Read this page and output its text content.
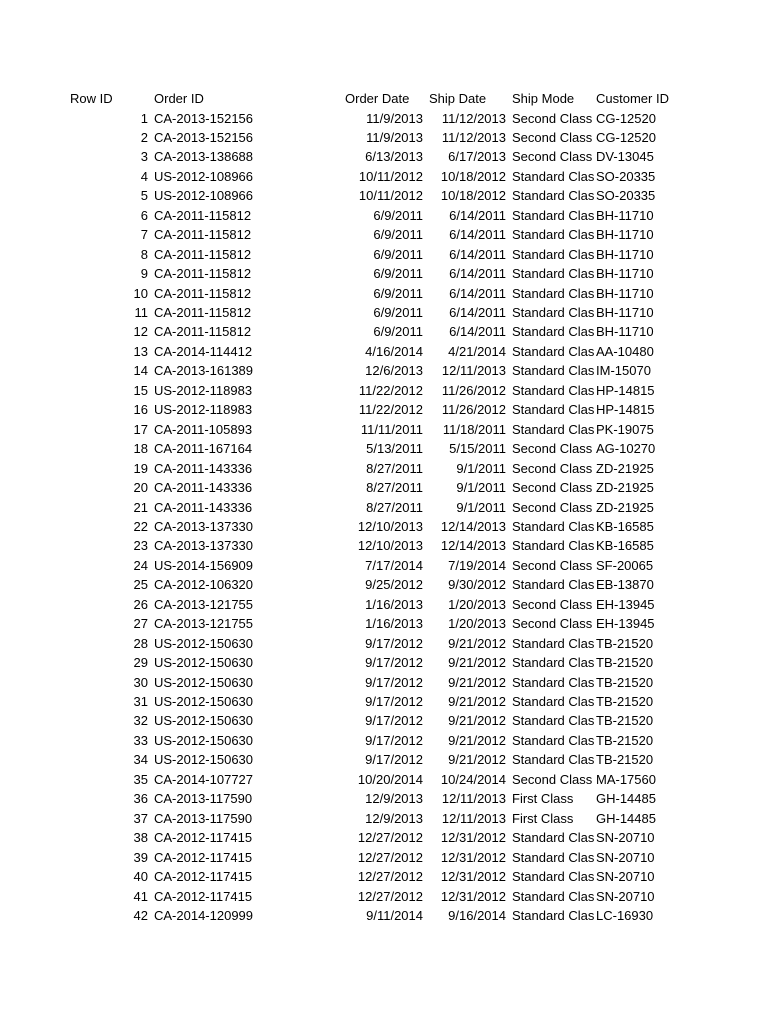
Row ID	Order ID	Order Date	Ship Date	Ship Mode	Customer ID
1 CA-2013-152156	11/9/2013	11/12/2013 Second Class CG-12520
2 CA-2013-152156	11/9/2013	11/12/2013 Second Class CG-12520
3 CA-2013-138688	6/13/2013	6/17/2013 Second Class DV-13045
4 US-2012-108966	10/11/2012	10/18/2012 Standard Clas SO-20335
5 US-2012-108966	10/11/2012	10/18/2012 Standard Clas SO-20335
6 CA-2011-115812	6/9/2011	6/14/2011 Standard Clas BH-11710
7 CA-2011-115812	6/9/2011	6/14/2011 Standard Clas BH-11710
8 CA-2011-115812	6/9/2011	6/14/2011 Standard Clas BH-11710
9 CA-2011-115812	6/9/2011	6/14/2011 Standard Clas BH-11710
10 CA-2011-115812	6/9/2011	6/14/2011 Standard Clas BH-11710
11 CA-2011-115812	6/9/2011	6/14/2011 Standard Clas BH-11710
12 CA-2011-115812	6/9/2011	6/14/2011 Standard Clas BH-11710
13 CA-2014-114412	4/16/2014	4/21/2014 Standard Clas AA-10480
14 CA-2013-161389	12/6/2013	12/11/2013 Standard Clas IM-15070
15 US-2012-118983	11/22/2012	11/26/2012 Standard Clas HP-14815
16 US-2012-118983	11/22/2012	11/26/2012 Standard Clas HP-14815
17 CA-2011-105893	11/11/2011	11/18/2011 Standard Clas PK-19075
18 CA-2011-167164	5/13/2011	5/15/2011 Second Class AG-10270
19 CA-2011-143336	8/27/2011	9/1/2011 Second Class ZD-21925
20 CA-2011-143336	8/27/2011	9/1/2011 Second Class ZD-21925
21 CA-2011-143336	8/27/2011	9/1/2011 Second Class ZD-21925
22 CA-2013-137330	12/10/2013	12/14/2013 Standard Clas KB-16585
23 CA-2013-137330	12/10/2013	12/14/2013 Standard Clas KB-16585
24 US-2014-156909	7/17/2014	7/19/2014 Second Class SF-20065
25 CA-2012-106320	9/25/2012	9/30/2012 Standard Clas EB-13870
26 CA-2013-121755	1/16/2013	1/20/2013 Second Class EH-13945
27 CA-2013-121755	1/16/2013	1/20/2013 Second Class EH-13945
28 US-2012-150630	9/17/2012	9/21/2012 Standard Clas TB-21520
29 US-2012-150630	9/17/2012	9/21/2012 Standard Clas TB-21520
30 US-2012-150630	9/17/2012	9/21/2012 Standard Clas TB-21520
31 US-2012-150630	9/17/2012	9/21/2012 Standard Clas TB-21520
32 US-2012-150630	9/17/2012	9/21/2012 Standard Clas TB-21520
33 US-2012-150630	9/17/2012	9/21/2012 Standard Clas TB-21520
34 US-2012-150630	9/17/2012	9/21/2012 Standard Clas TB-21520
35 CA-2014-107727	10/20/2014	10/24/2014 Second Class MA-17560
36 CA-2013-117590	12/9/2013	12/11/2013 First Class	GH-14485
37 CA-2013-117590	12/9/2013	12/11/2013 First Class	GH-14485
38 CA-2012-117415	12/27/2012	12/31/2012 Standard Clas SN-20710
39 CA-2012-117415	12/27/2012	12/31/2012 Standard Clas SN-20710
40 CA-2012-117415	12/27/2012	12/31/2012 Standard Clas SN-20710
41 CA-2012-117415	12/27/2012	12/31/2012 Standard Clas SN-20710
42 CA-2014-120999	9/11/2014	9/16/2014 Standard Clas LC-16930
